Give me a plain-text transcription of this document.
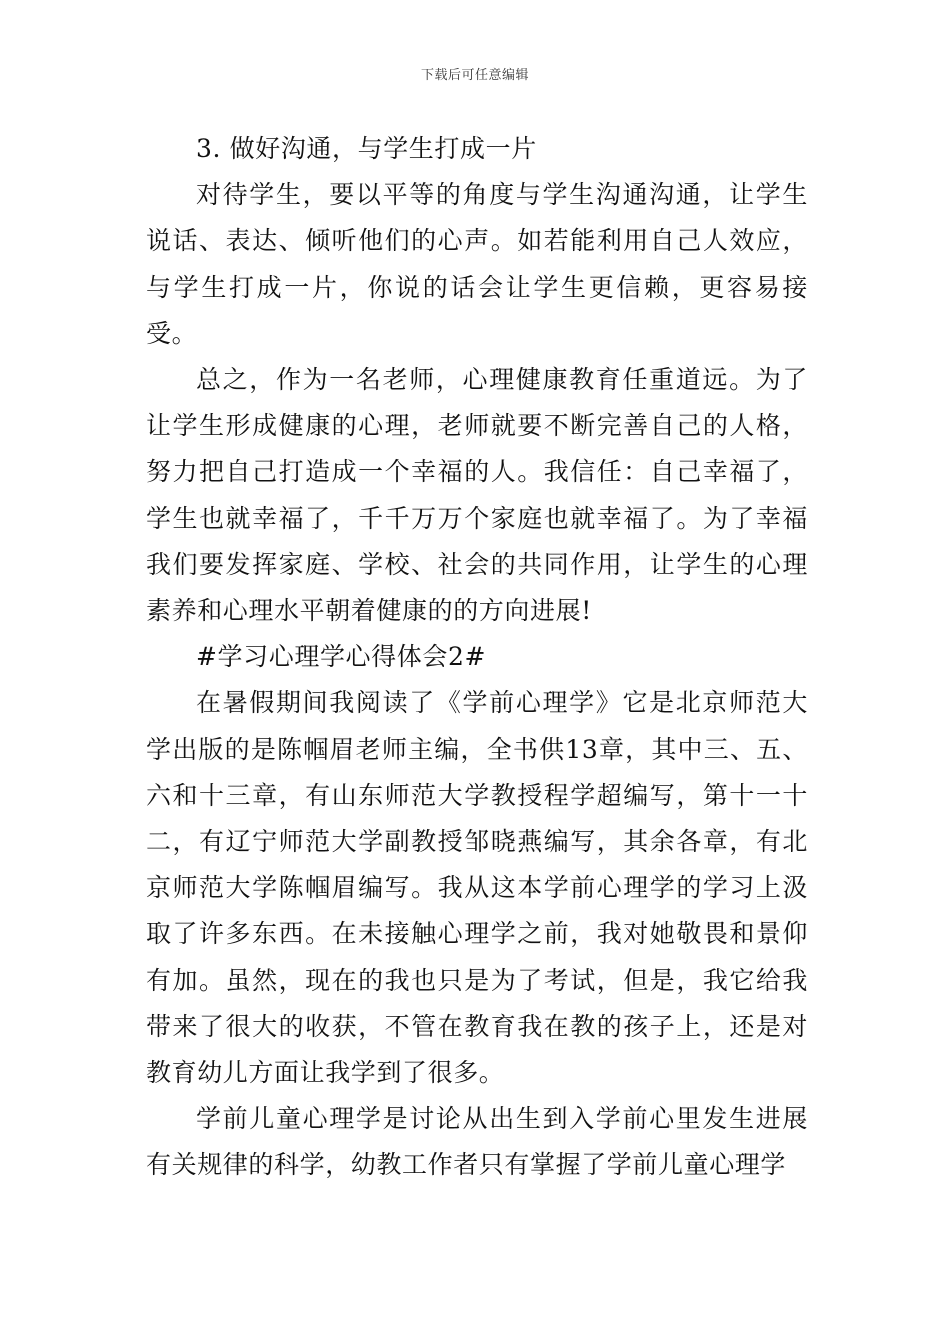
下载后可任意编辑

3. 做好沟通，与学生打成一片

对待学生，要以平等的角度与学生沟通沟通，让学生说话、表达、倾听他们的心声。如若能利用自己人效应，与学生打成一片，你说的话会让学生更信赖，更容易接受。

总之，作为一名老师，心理健康教育任重道远。为了让学生形成健康的心理，老师就要不断完善自己的人格，努力把自己打造成一个幸福的人。我信任：自己幸福了，学生也就幸福了，千千万万个家庭也就幸福了。为了幸福我们要发挥家庭、学校、社会的共同作用，让学生的心理素养和心理水平朝着健康的的方向进展!

#学习心理学心得体会2#

在暑假期间我阅读了《学前心理学》它是北京师范大学出版的是陈帼眉老师主编，全书供13章，其中三、五、六和十三章，有山东师范大学教授程学超编写，第十一十二，有辽宁师范大学副教授邹晓燕编写，其余各章，有北京师范大学陈帼眉编写。我从这本学前心理学的学习上汲取了许多东西。在未接触心理学之前，我对她敬畏和景仰有加。虽然，现在的我也只是为了考试，但是，我它给我带来了很大的收获，不管在教育我在教的孩子上，还是对教育幼儿方面让我学到了很多。

学前儿童心理学是讨论从出生到入学前心里发生进展有关规律的科学，幼教工作者只有掌握了学前儿童心理学
